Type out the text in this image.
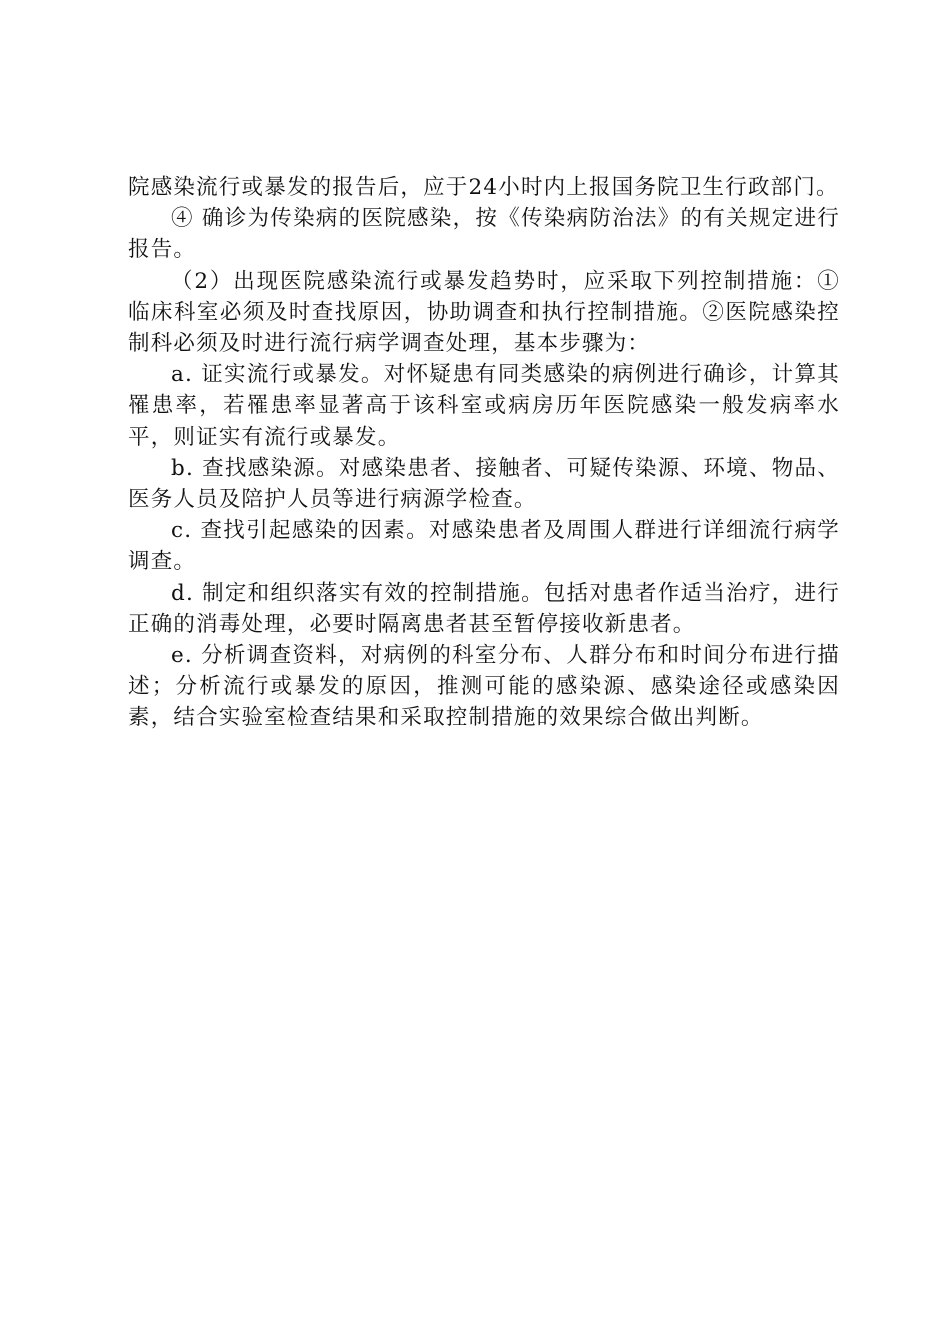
院感染流行或暴发的报告后，应于24小时内上报国务院卫生行政部门。

④ 确诊为传染病的医院感染，按《传染病防治法》的有关规定进行报告。

（2）出现医院感染流行或暴发趋势时，应采取下列控制措施：①临床科室必须及时查找原因，协助调查和执行控制措施。②医院感染控制科必须及时进行流行病学调查处理，基本步骤为：

a. 证实流行或暴发。对怀疑患有同类感染的病例进行确诊，计算其罹患率，若罹患率显著高于该科室或病房历年医院感染一般发病率水平，则证实有流行或暴发。

b. 查找感染源。对感染患者、接触者、可疑传染源、环境、物品、医务人员及陪护人员等进行病源学检查。

c. 查找引起感染的因素。对感染患者及周围人群进行详细流行病学调查。

d. 制定和组织落实有效的控制措施。包括对患者作适当治疗，进行正确的消毒处理，必要时隔离患者甚至暂停接收新患者。

e. 分析调查资料，对病例的科室分布、人群分布和时间分布进行描述；分析流行或暴发的原因，推测可能的感染源、感染途径或感染因素，结合实验室检查结果和采取控制措施的效果综合做出判断。
